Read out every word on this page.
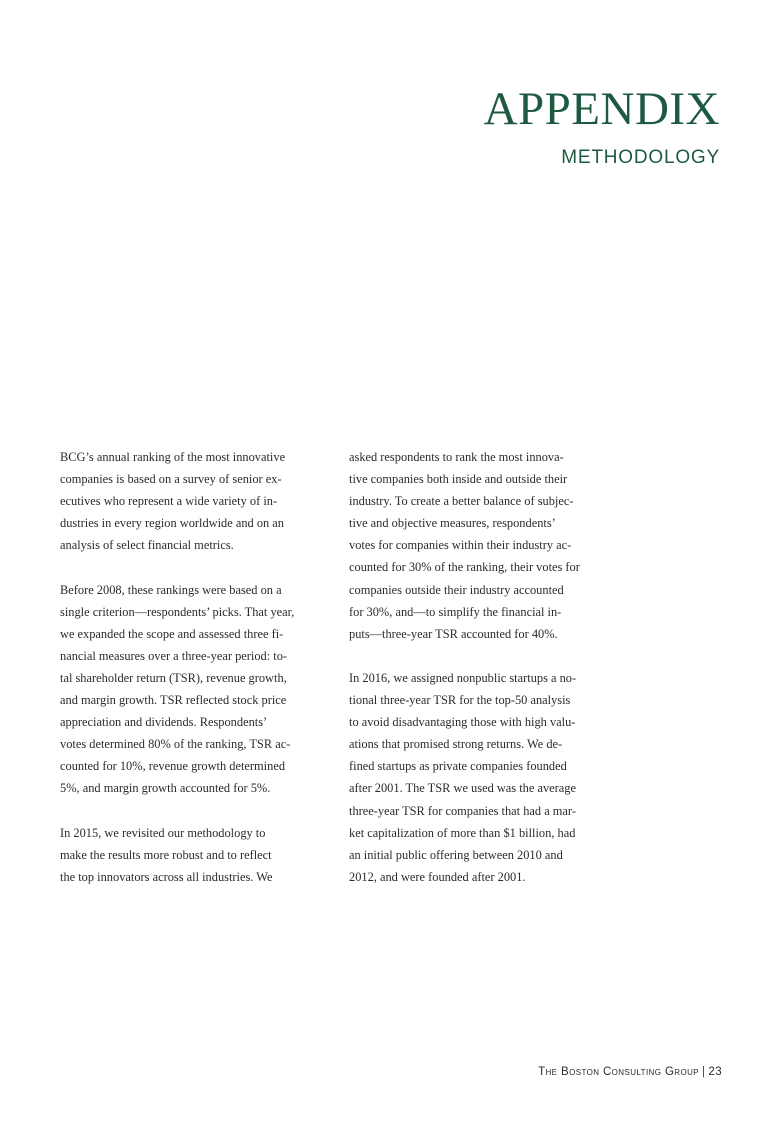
APPENDIX
METHODOLOGY
BCG’s annual ranking of the most innovative
companies is based on a survey of senior ex-
ecutives who represent a wide variety of in-
dustries in every region worldwide and on an
analysis of select financial metrics.
Before 2008, these rankings were based on a
single criterion—respondents’ picks. That year,
we expanded the scope and assessed three fi-
nancial measures over a three-year period: to-
tal shareholder return (TSR), revenue growth,
and margin growth. TSR reflected stock price
appreciation and dividends. Respondents’
votes determined 80% of the ranking, TSR ac-
counted for 10%, revenue growth determined
5%, and margin growth accounted for 5%.
In 2015, we revisited our methodology to
make the results more robust and to reflect
the top innovators across all industries. We
asked respondents to rank the most innova-
tive companies both inside and outside their
industry. To create a better balance of subjec-
tive and objective measures, respondents’
votes for companies within their industry ac-
counted for 30% of the ranking, their votes for
companies outside their industry accounted
for 30%, and—to simplify the financial in-
puts—three-year TSR accounted for 40%.
In 2016, we assigned nonpublic startups a no-
tional three-year TSR for the top-50 analysis
to avoid disadvantaging those with high valu-
ations that promised strong returns. We de-
fined startups as private companies founded
after 2001. The TSR we used was the average
three-year TSR for companies that had a mar-
ket capitalization of more than $1 billion, had
an initial public offering between 2010 and
2012, and were founded after 2001.
The Boston Consulting Group | 23
